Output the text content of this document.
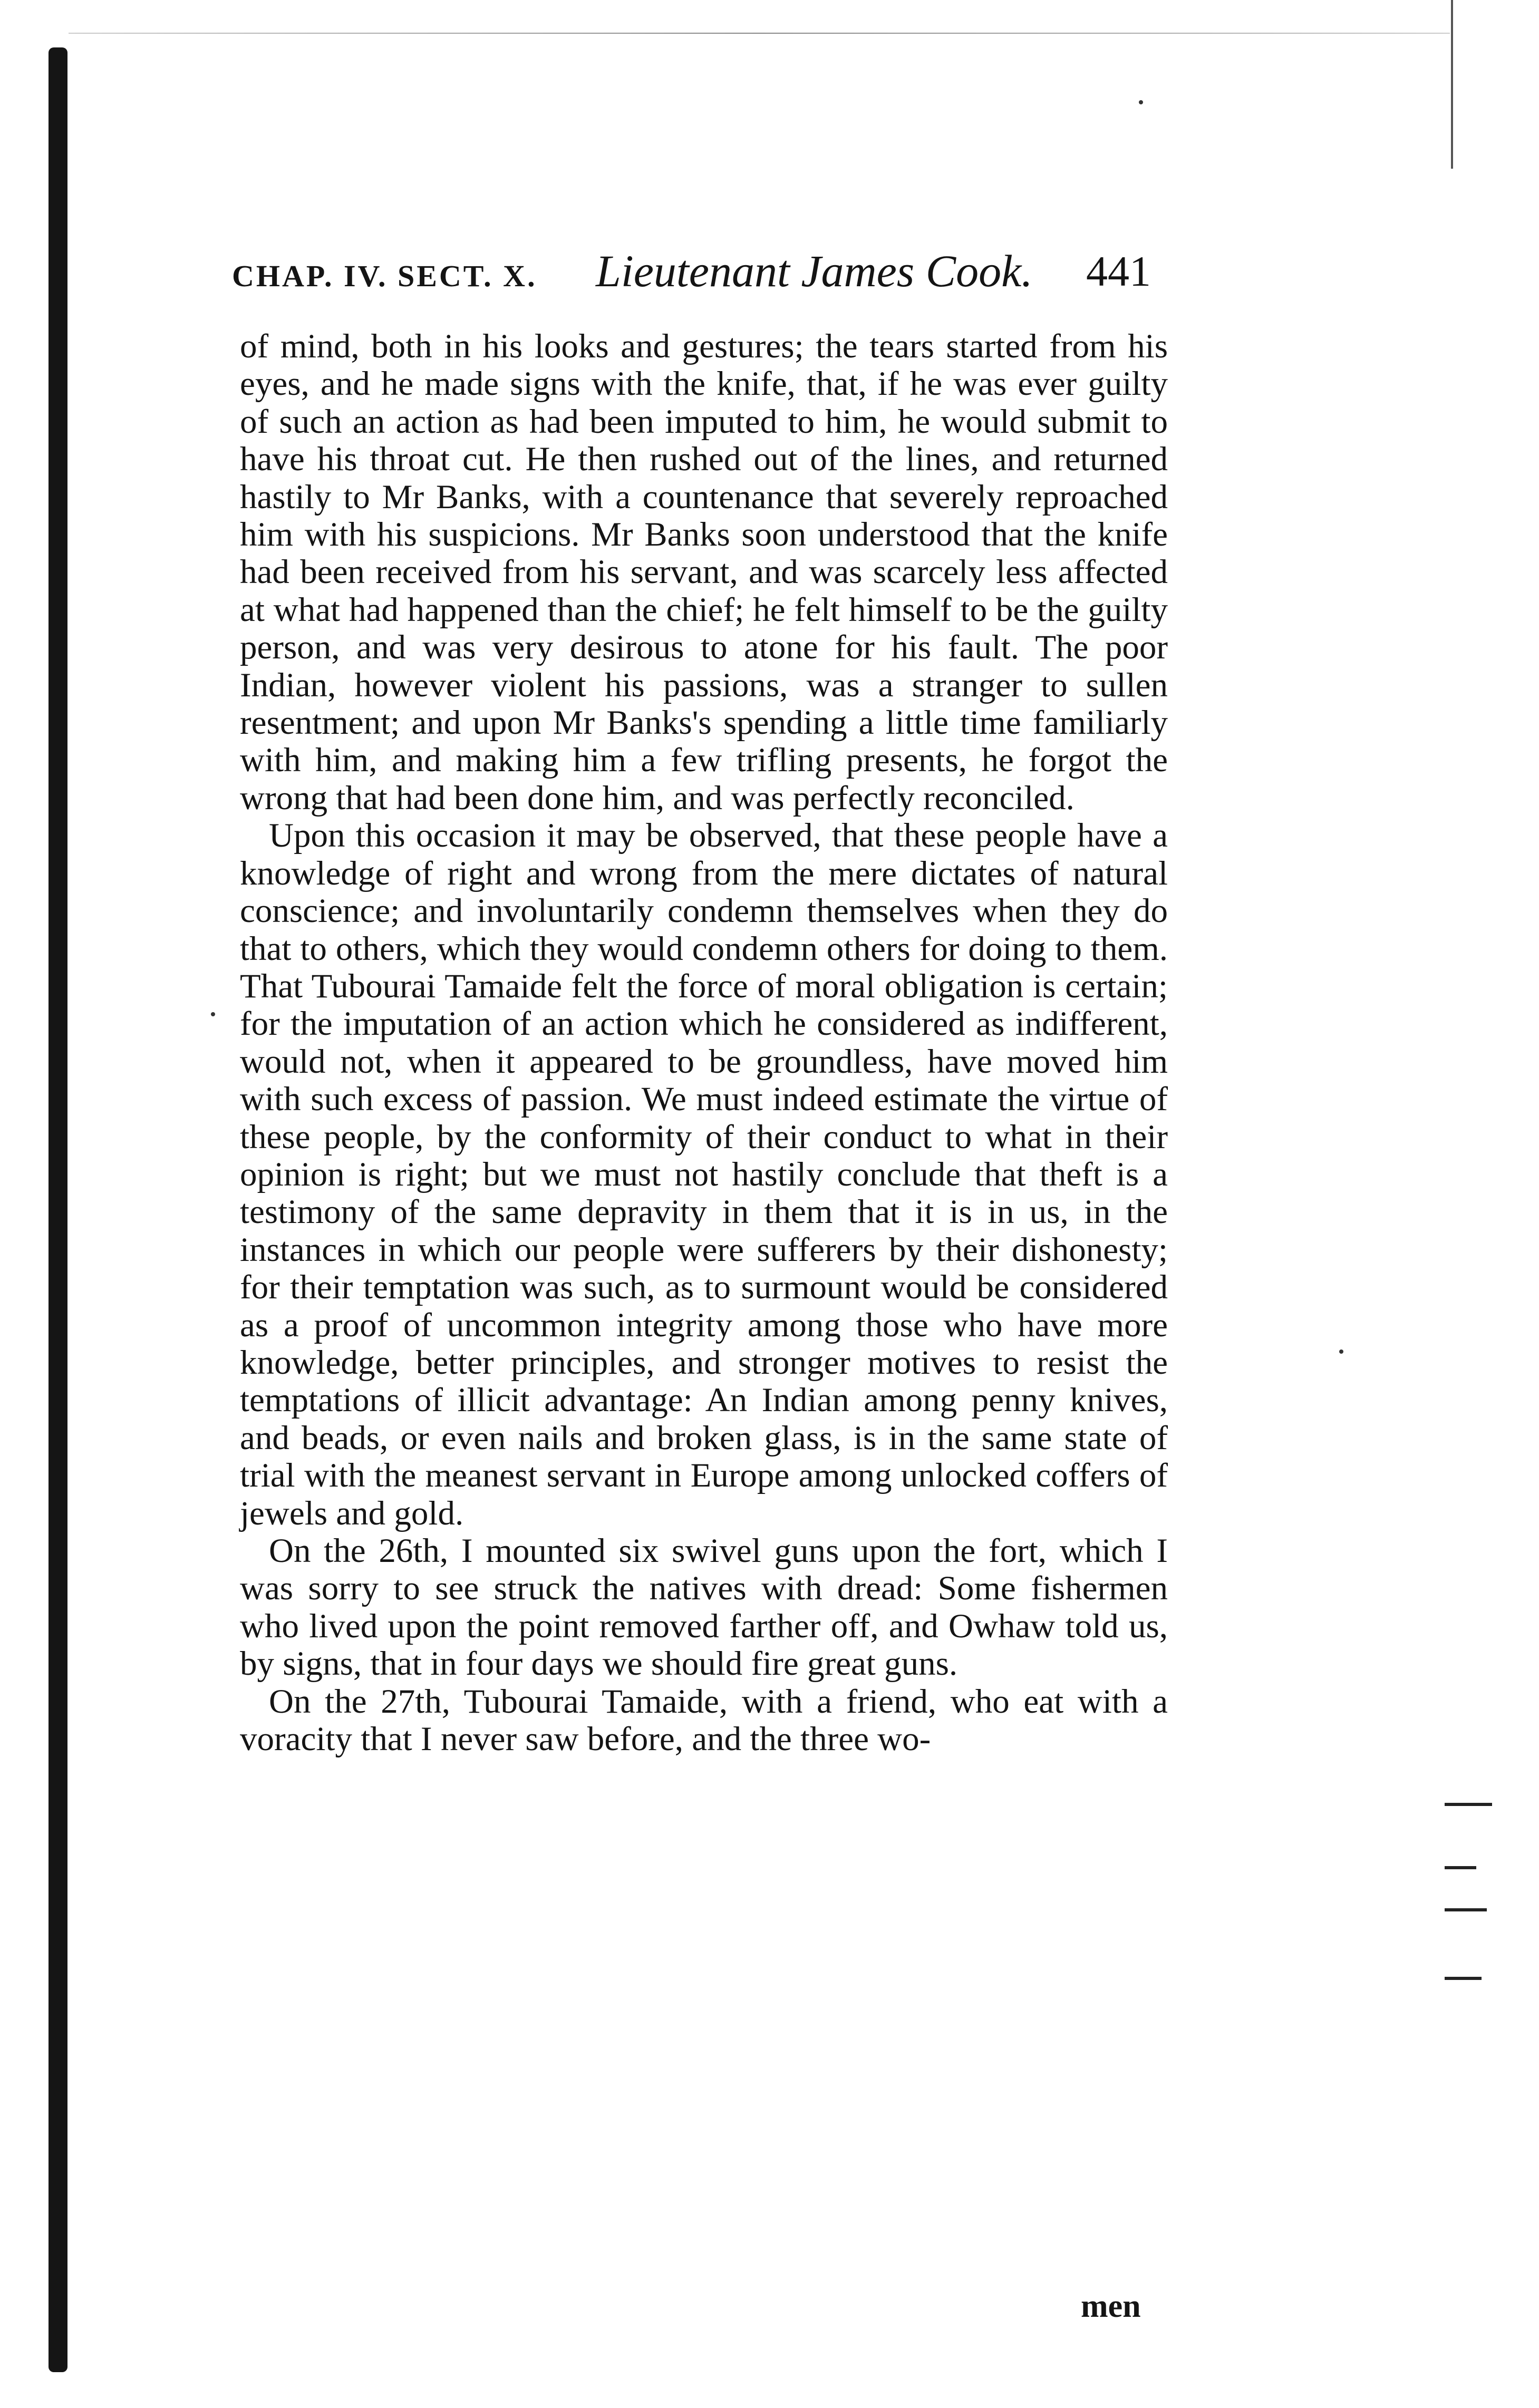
CHAP. IV. SECT. X. Lieutenant James Cook. 441

of mind, both in his looks and gestures; the tears started from his eyes, and he made signs with the knife, that, if he was ever guilty of such an action as had been imputed to him, he would submit to have his throat cut. He then rushed out of the lines, and returned hastily to Mr Banks, with a countenance that severely reproached him with his suspicions. Mr Banks soon understood that the knife had been received from his servant, and was scarcely less affected at what had happened than the chief; he felt himself to be the guilty person, and was very desirous to atone for his fault. The poor Indian, however violent his passions, was a stranger to sullen resentment; and upon Mr Banks's spending a little time familiarly with him, and making him a few trifling presents, he forgot the wrong that had been done him, and was perfectly reconciled.

Upon this occasion it may be observed, that these people have a knowledge of right and wrong from the mere dictates of natural conscience; and involuntarily condemn themselves when they do that to others, which they would condemn others for doing to them. That Tubourai Tamaide felt the force of moral obligation is certain; for the imputation of an action which he considered as indifferent, would not, when it appeared to be groundless, have moved him with such excess of passion. We must indeed estimate the virtue of these people, by the conformity of their conduct to what in their opinion is right; but we must not hastily conclude that theft is a testimony of the same depravity in them that it is in us, in the instances in which our people were sufferers by their dishonesty; for their temptation was such, as to surmount would be considered as a proof of uncommon integrity among those who have more knowledge, better principles, and stronger motives to resist the temptations of illicit advantage: An Indian among penny knives, and beads, or even nails and broken glass, is in the same state of trial with the meanest servant in Europe among unlocked coffers of jewels and gold.

On the 26th, I mounted six swivel guns upon the fort, which I was sorry to see struck the natives with dread: Some fishermen who lived upon the point removed farther off, and Owhaw told us, by signs, that in four days we should fire great guns.

On the 27th, Tubourai Tamaide, with a friend, who eat with a voracity that I never saw before, and the three wo-

men
